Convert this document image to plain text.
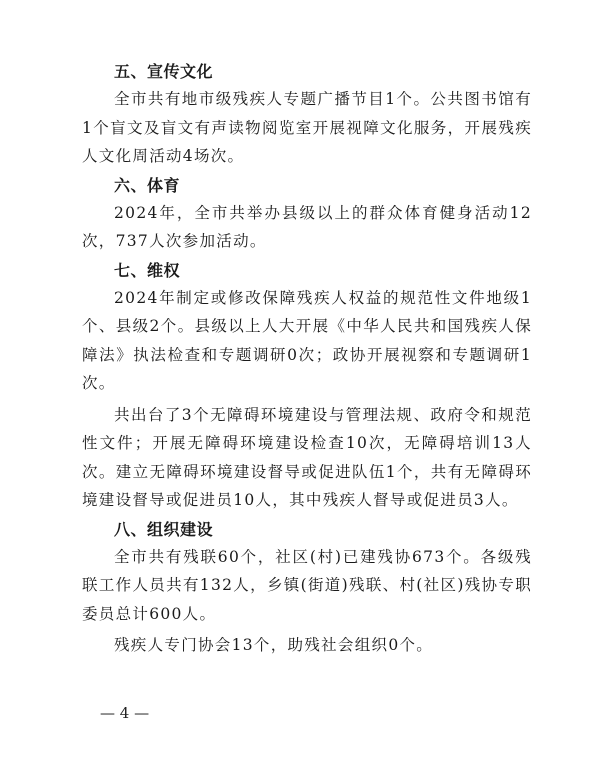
五、宣传文化

全市共有地市级残疾人专题广播节目1个。公共图书馆有1个盲文及盲文有声读物阅览室开展视障文化服务，开展残疾人文化周活动4场次。

六、体育

2024年，全市共举办县级以上的群众体育健身活动12次，737人次参加活动。

七、维权

2024年制定或修改保障残疾人权益的规范性文件地级1个、县级2个。县级以上人大开展《中华人民共和国残疾人保障法》执法检查和专题调研0次；政协开展视察和专题调研1次。

共出台了3个无障碍环境建设与管理法规、政府令和规范性文件；开展无障碍环境建设检查10次，无障碍培训13人次。建立无障碍环境建设督导或促进队伍1个，共有无障碍环境建设督导或促进员10人，其中残疾人督导或促进员3人。

八、组织建设

全市共有残联60个，社区(村)已建残协673个。各级残联工作人员共有132人，乡镇(街道)残联、村(社区)残协专职委员总计600人。

残疾人专门协会13个，助残社会组织0个。

— 4 —
